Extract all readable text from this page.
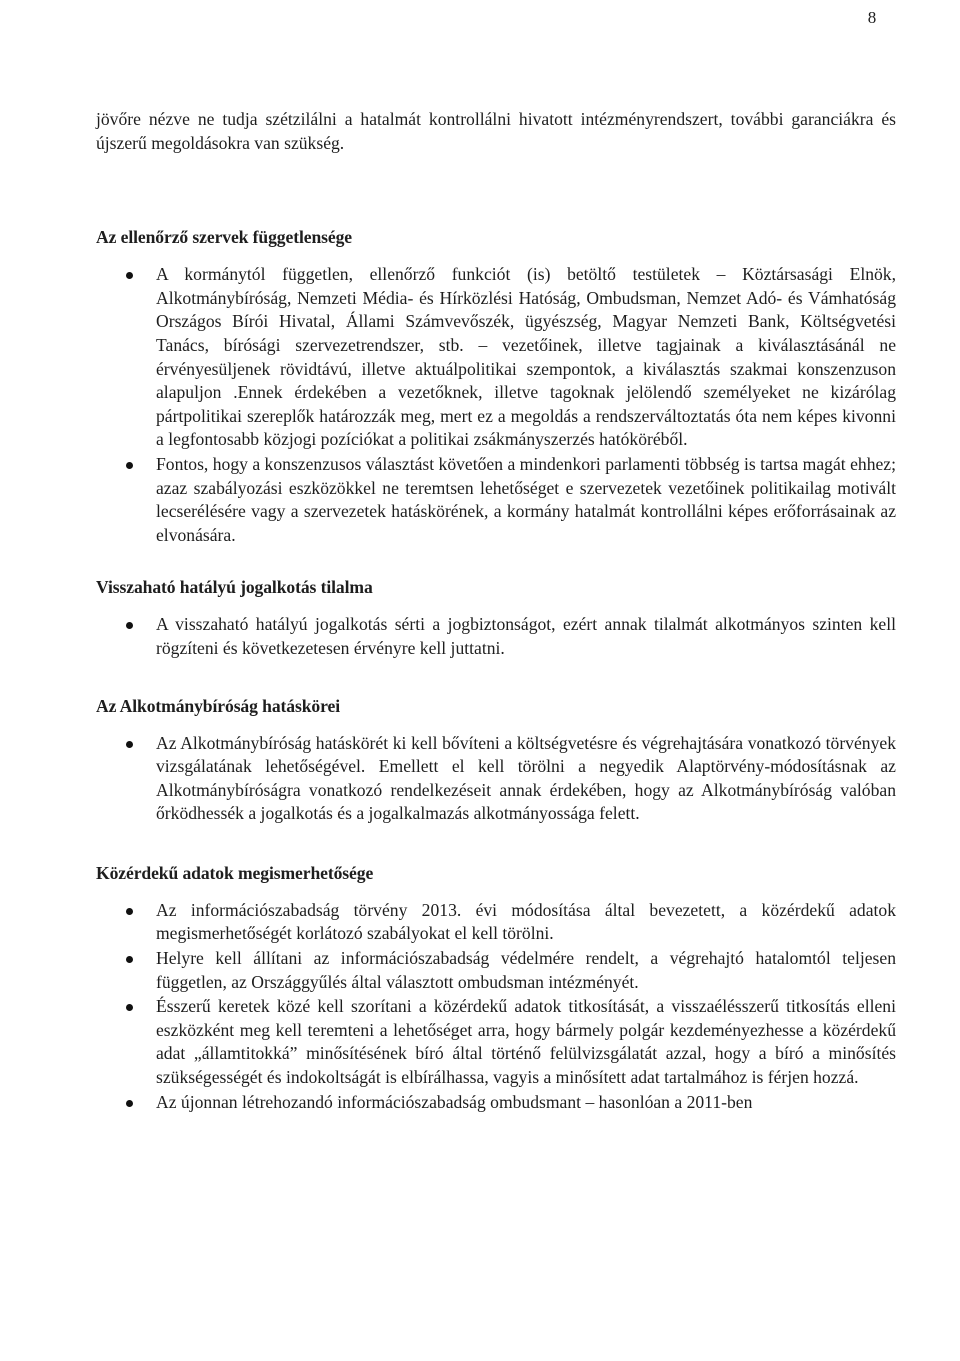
8

jövőre nézve ne tudja szétzilálni a hatalmát kontrollálni hivatott intézményrendszert, további garanciákra és újszerű megoldásokra van szükség.

Az ellenőrző szervek függetlensége
A kormánytól független, ellenőrző funkciót (is) betöltő testületek – Köztársasági Elnök, Alkotmánybíróság, Nemzeti Média- és Hírközlési Hatóság, Ombudsman, Nemzet Adó- és Vámhatóság Országos Bírói Hivatal, Állami Számvevőszék, ügyészség, Magyar Nemzeti Bank, Költségvetési Tanács, bírósági szervezetrendszer, stb. – vezetőinek, illetve tagjainak a kiválasztásánál ne érvényesüljenek rövidtávú, illetve aktuálpolitikai szempontok, a kiválasztás szakmai konszenzuson alapuljon .Ennek érdekében a vezetőknek, illetve tagoknak jelölendő személyeket ne kizárólag pártpolitikai szereplők határozzák meg, mert ez a megoldás a rendszerváltoztatás óta nem képes kivonni a legfontosabb közjogi pozíciókat a politikai zsákmányszerzés hatóköréből.
Fontos, hogy a konszenzusos választást követően a mindenkori parlamenti többség is tartsa magát ehhez; azaz szabályozási eszközökkel ne teremtsen lehetőséget e szervezetek vezetőinek politikailag motivált lecserélésére vagy a szervezetek hatáskörének, a kormány hatalmát kontrollálni képes erőforrásainak az elvonására.
Visszaható hatályú jogalkotás tilalma
A visszaható hatályú jogalkotás sérti a jogbiztonságot, ezért annak tilalmát alkotmányos szinten kell rögzíteni és következetesen érvényre kell juttatni.
Az Alkotmánybíróság hatáskörei
Az Alkotmánybíróság hatáskörét ki kell bővíteni a költségvetésre és végrehajtására vonatkozó törvények vizsgálatának lehetőségével. Emellett el kell törölni a negyedik Alaptörvény-módosításnak az Alkotmánybíróságra vonatkozó rendelkezéseit annak érdekében, hogy az Alkotmánybíróság valóban őrködhessék a jogalkotás és a jogalkalmazás alkotmányossága felett.
Közérdekű adatok megismerhetősége
Az információszabadság törvény 2013. évi módosítása által bevezetett, a közérdekű adatok megismerhetőségét korlátozó szabályokat el kell törölni.
Helyre kell állítani az információszabadság védelmére rendelt, a végrehajtó hatalomtól teljesen független, az Országgyűlés által választott ombudsman intézményét.
Ésszerű keretek közé kell szorítani a közérdekű adatok titkosítását, a visszaélésszerű titkosítás elleni eszközként meg kell teremteni a lehetőséget arra, hogy bármely polgár kezdeményezhesse a közérdekű adat „államtitokká” minősítésének bíró által történő felülvizsgálatát azzal, hogy a bíró a minősítés szükségességét és indokoltságát is elbírálhassa, vagyis a minősített adat tartalmához is férjen hozzá.
Az újonnan létrehozandó információszabadság ombudsmant – hasonlóan a 2011-ben
